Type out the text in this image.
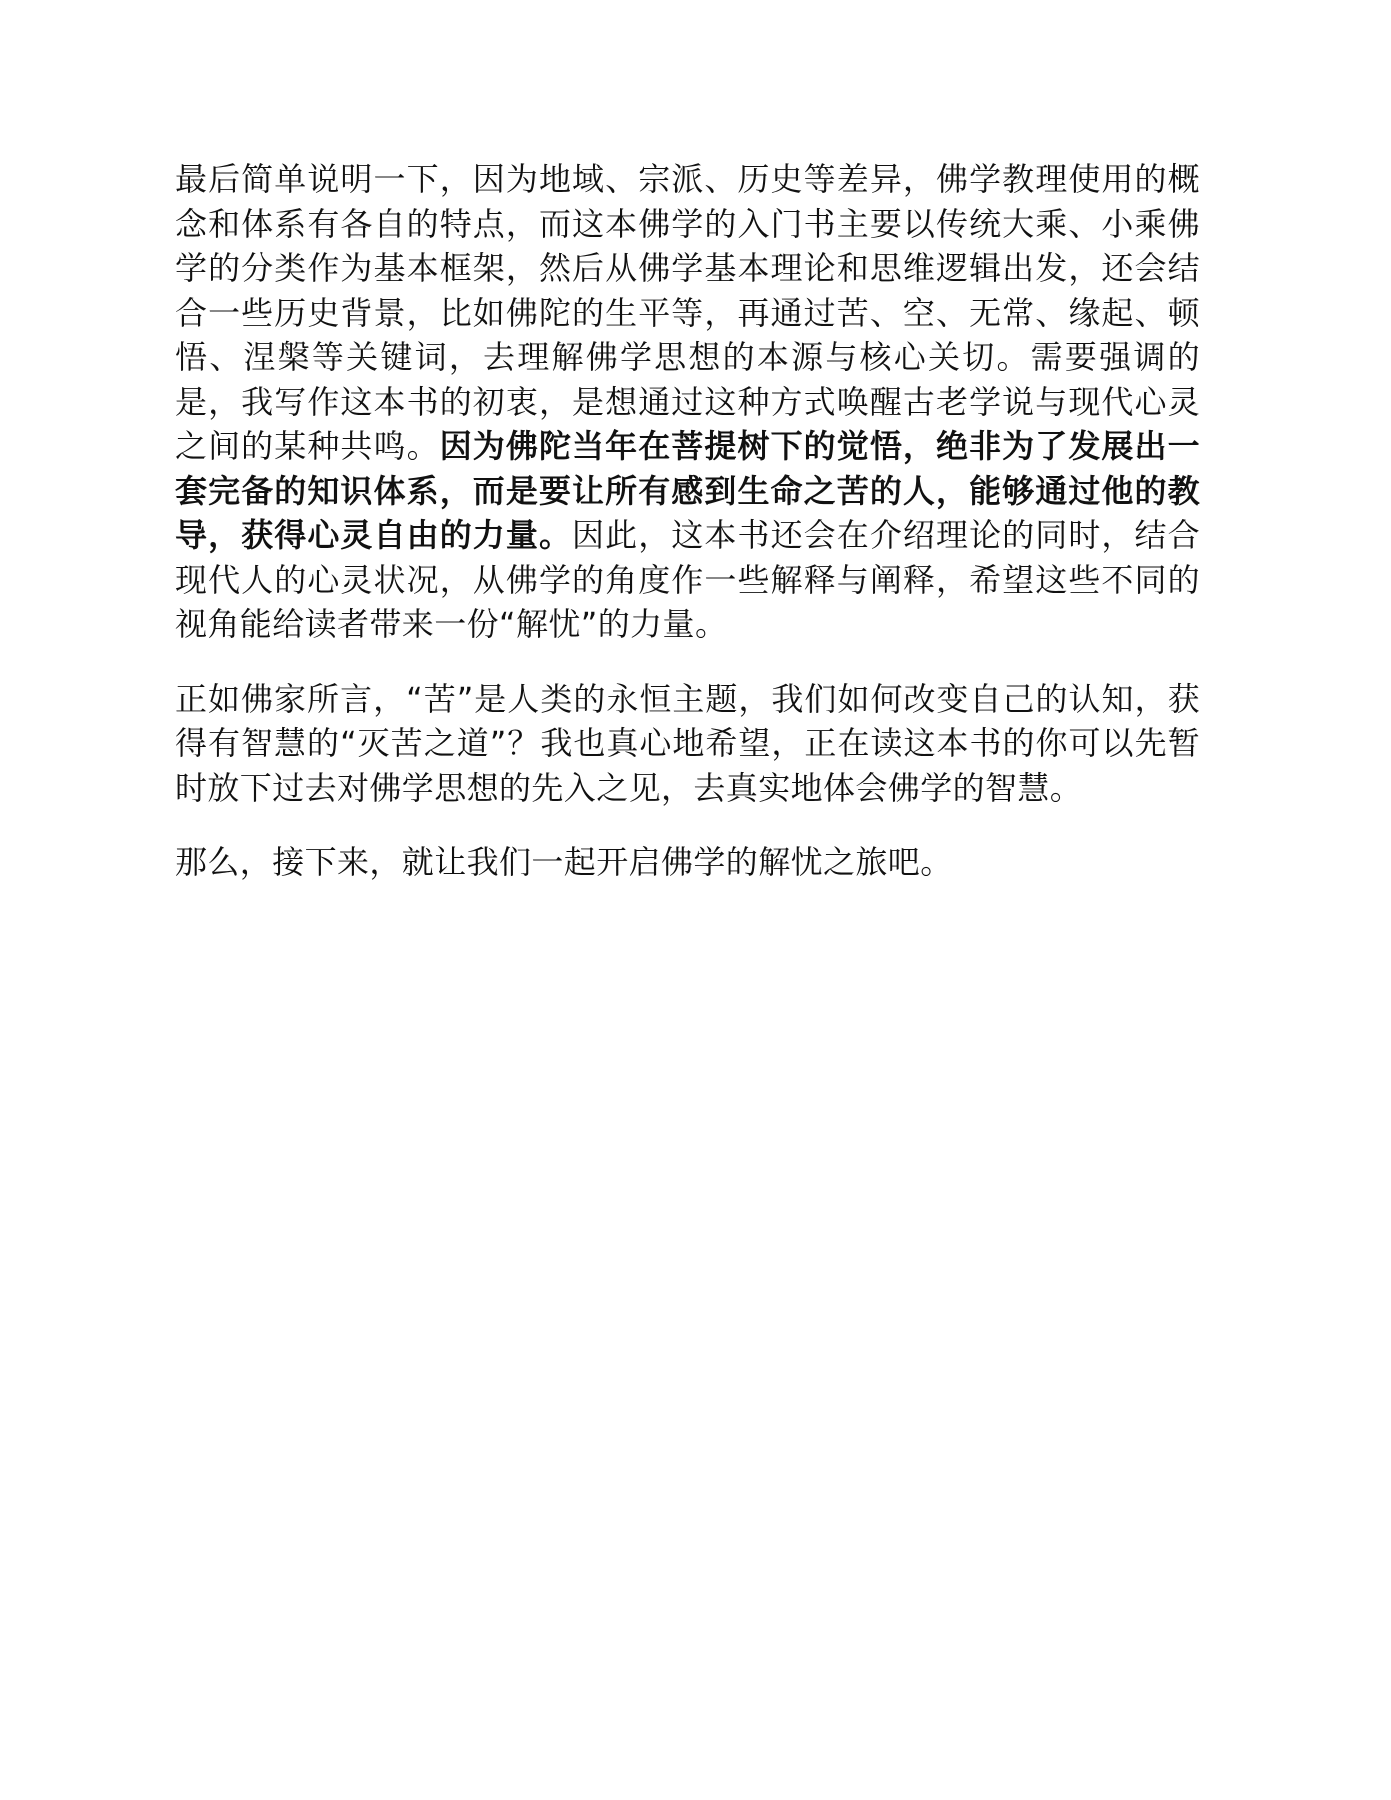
最后简单说明一下，因为地域、宗派、历史等差异，佛学教理使用的概念和体系有各自的特点，而这本佛学的入门书主要以传统大乘、小乘佛学的分类作为基本框架，然后从佛学基本理论和思维逻辑出发，还会结合一些历史背景，比如佛陀的生平等，再通过苦、空、无常、缘起、顿悟、涅槃等关键词，去理解佛学思想的本源与核心关切。需要强调的是，我写作这本书的初衷，是想通过这种方式唤醒古老学说与现代心灵之间的某种共鸣。因为佛陀当年在菩提树下的觉悟，绝非为了发展出一套完备的知识体系，而是要让所有感到生命之苦的人，能够通过他的教导，获得心灵自由的力量。因此，这本书还会在介绍理论的同时，结合现代人的心灵状况，从佛学的角度作一些解释与阐释，希望这些不同的视角能给读者带来一份“解忧”的力量。

正如佛家所言，“苦”是人类的永恒主题，我们如何改变自己的认知，获得有智慧的“灭苦之道”？我也真心地希望，正在读这本书的你可以先暂时放下过去对佛学思想的先入之见，去真实地体会佛学的智慧。

那么，接下来，就让我们一起开启佛学的解忧之旅吧。
